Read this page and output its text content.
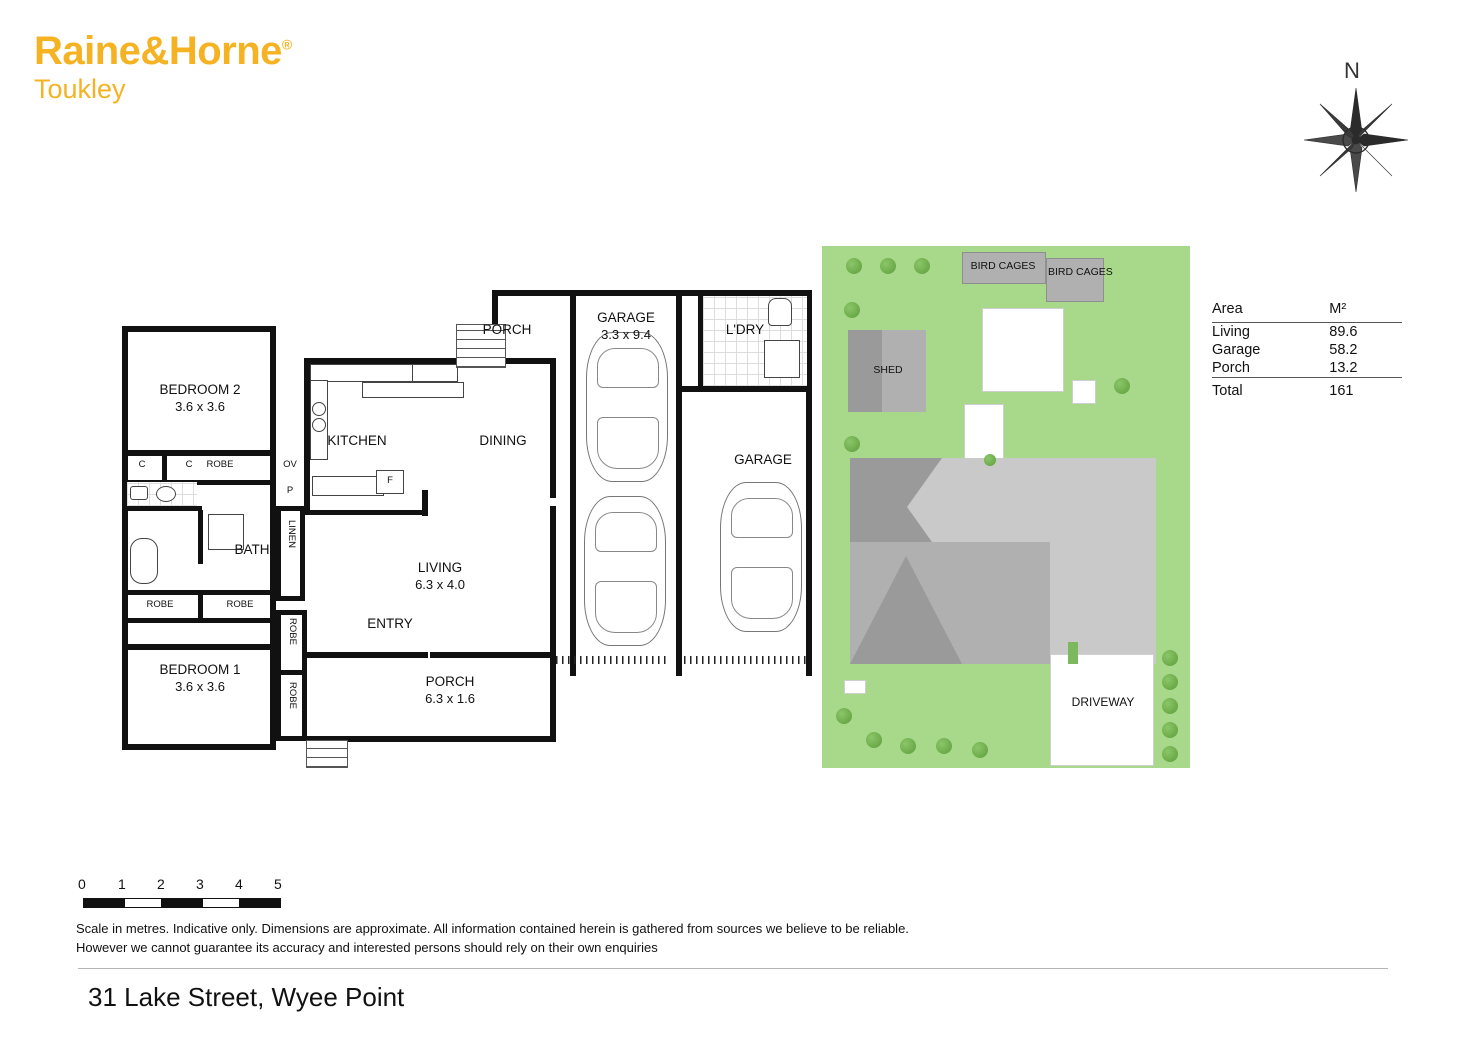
Raine&Horne®
Toukley
N
BEDROOM 2
3.6 x 3.6
BEDROOM 1
3.6 x 3.6
LIVING
6.3 x 4.0
GARAGE
3.3 x 9.4
PORCH
6.3 x 1.6
KITCHEN	DINING
BATH
ENTRY
PORCH	L'DRY
GARAGE
LINEN
ROBE
ROBE
C
C	ROBE
ROBE	ROBE
OV
P
F
SHED
BIRD CAGES	BIRD CAGES
DRIVEWAY
Area	M²
Living	89.6
Garage	58.2
Porch	13.2
Total	161
0 1 2 3 4 5
Scale in metres. Indicative only. Dimensions are approximate. All information contained herein is gathered from sources we believe to be reliable. However we cannot guarantee its accuracy and interested persons should rely on their own enquiries
31 Lake Street, Wyee Point
